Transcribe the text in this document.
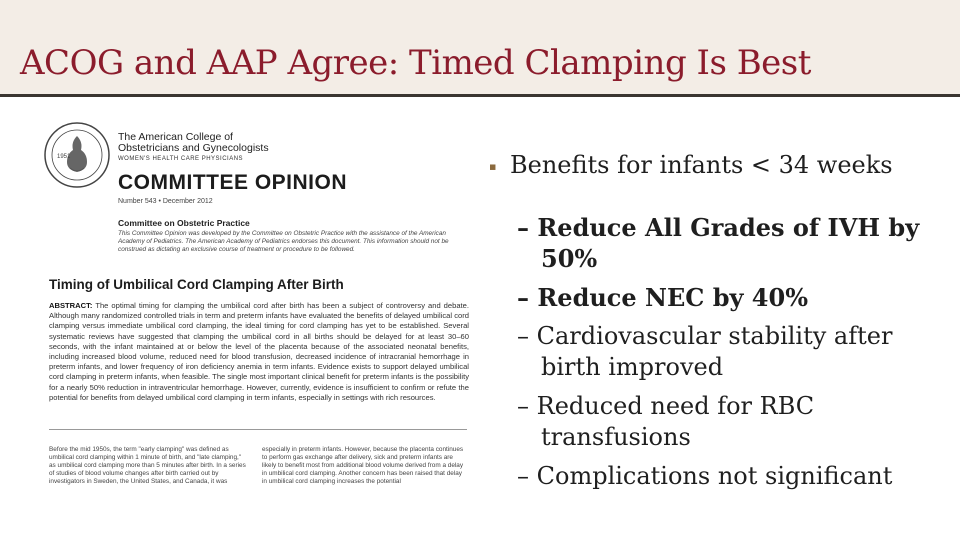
ACOG and AAP Agree: Timed Clamping Is Best
1951
The American College of
Obstetricians and Gynecologists
WOMEN'S HEALTH CARE PHYSICIANS
COMMITTEE OPINION
Number 543 • December 2012
Committee on Obstetric Practice
This Committee Opinion was developed by the Committee on Obstetric Practice with the assistance of the American Academy of Pediatrics. The American Academy of Pediatrics endorses this document. This information should not be construed as dictating an exclusive course of treatment or procedure to be followed.
Timing of Umbilical Cord Clamping After Birth
ABSTRACT: The optimal timing for clamping the umbilical cord after birth has been a subject of controversy and debate. Although many randomized controlled trials in term and preterm infants have evaluated the benefits of delayed umbilical cord clamping versus immediate umbilical cord clamping, the ideal timing for cord clamping has yet to be established. Several systematic reviews have suggested that clamping the umbilical cord in all births should be delayed for at least 30–60 seconds, with the infant maintained at or below the level of the placenta because of the associated neonatal benefits, including increased blood volume, reduced need for blood transfusion, decreased incidence of intracranial hemorrhage in preterm infants, and lower frequency of iron deficiency anemia in term infants. Evidence exists to support delayed umbilical cord clamping in preterm infants, when feasible. The single most important clinical benefit for preterm infants is the possibility for a nearly 50% reduction in intraventricular hemorrhage. However, currently, evidence is insufficient to confirm or refute the potential for benefits from delayed umbilical cord clamping in term infants, especially in settings with rich resources.
Before the mid 1950s, the term "early clamping" was defined as umbilical cord clamping within 1 minute of birth, and "late clamping," as umbilical cord clamping more than 5 minutes after birth. In a series of studies of blood volume changes after birth carried out by investigators in Sweden, the United States, and Canada, it was
especially in preterm infants. However, because the placenta continues to perform gas exchange after delivery, sick and preterm infants are likely to benefit most from additional blood volume derived from a delay in umbilical cord clamping. Another concern has been raised that delay in umbilical cord clamping increases the potential
▪ Benefits for infants < 34 weeks
– Reduce All Grades of IVH by 50%
– Reduce NEC by 40%
– Cardiovascular stability after birth improved
– Reduced need for RBC transfusions
– Complications not significant
